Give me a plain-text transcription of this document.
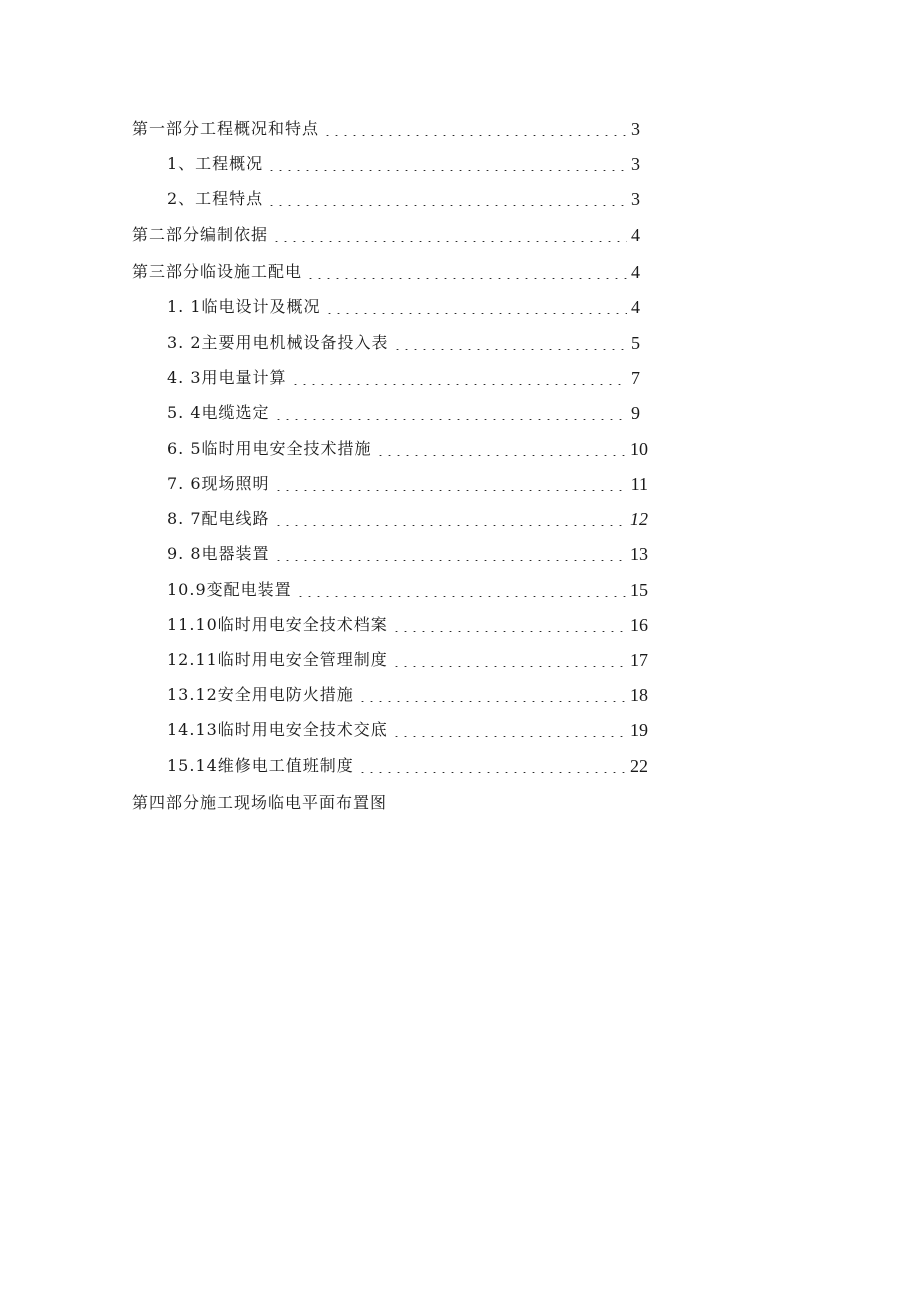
第一部分工程概况和特点	3
1、工程概况	3
2、工程特点	3
第二部分编制依据	4
第三部分临设施工配电	4
1. 1临电设计及概况	4
3. 2主要用电机械设备投入表	5
4. 3用电量计算	7
5. 4电缆选定	9
6. 5临时用电安全技术措施	10
7. 6现场照明	11
8. 7配电线路	12
9. 8电器装置	13
10.9变配电装置	15
11.10临时用电安全技术档案	16
12.11临时用电安全管理制度	17
13.12安全用电防火措施	18
14.13临时用电安全技术交底	19
15.14维修电工值班制度	22
第四部分施工现场临电平面布置图
